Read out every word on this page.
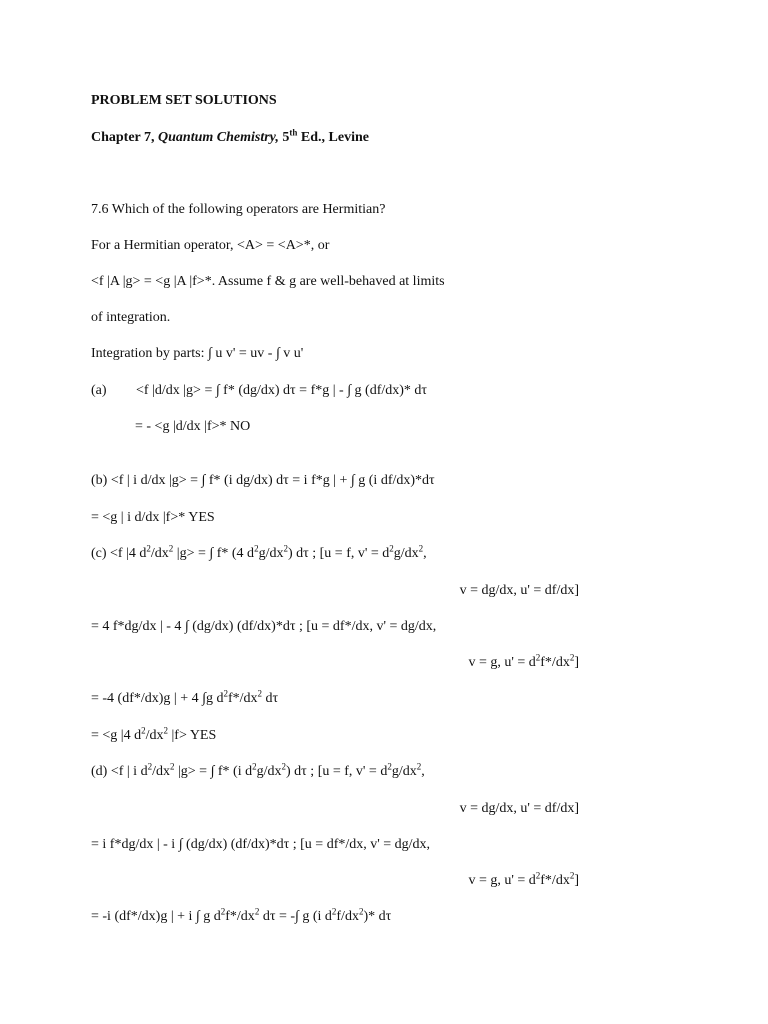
PROBLEM SET SOLUTIONS
Chapter 7, Quantum Chemistry, 5th Ed., Levine
7.6 Which of the following operators are Hermitian?
For a Hermitian operator, <A> = <A>*, or
<f |A |g> = <g |A |f>*. Assume f & g are well-behaved at limits
of integration.
Integration by parts: ∫ u v' = uv - ∫ v u'
(a) <f |d/dx |g> = ∫ f* (dg/dx) dτ = f*g | - ∫ g (df/dx)* dτ
= - <g |d/dx |f>* NO
(b) <f | i d/dx |g> = ∫ f* (i dg/dx) dτ = i f*g | + ∫ g (i df/dx)*dτ
= <g | i d/dx |f>* YES
(c) <f |4 $d^2/dx^2$ |g> = ∫ f* (4 $d^2g/dx^2$) dτ ; [u = f, $v' = d^2g/dx^2$,
v = dg/dx, u' = df/dx]
= 4 f*dg/dx | - 4 ∫ (dg/dx) (df/dx)*dτ ; [u = df*/dx, v' = dg/dx,
v = g, $u' = d^2f*/dx^2$]
= -4 (df*/dx)g | + 4 ∫g $d^2f*/dx^2$ dτ
= <g |4 $d^2/dx^2$ |f> YES
(d) <f | i $d^2/dx^2$ |g> = ∫ f* (i $d^2g/dx^2$) dτ ; [u = f, $v' = d^2g/dx^2$,
v = dg/dx, u' = df/dx]
= i f*dg/dx | - i ∫ (dg/dx) (df/dx)*dτ ; [u = df*/dx, v' = dg/dx,
v = g, $u' = d^2f*/dx^2$]
= -i (df*/dx)g | + i ∫ g $d^2f*/dx^2$ dτ = -∫ g (i $d^2f/dx^2)*$ dτ
